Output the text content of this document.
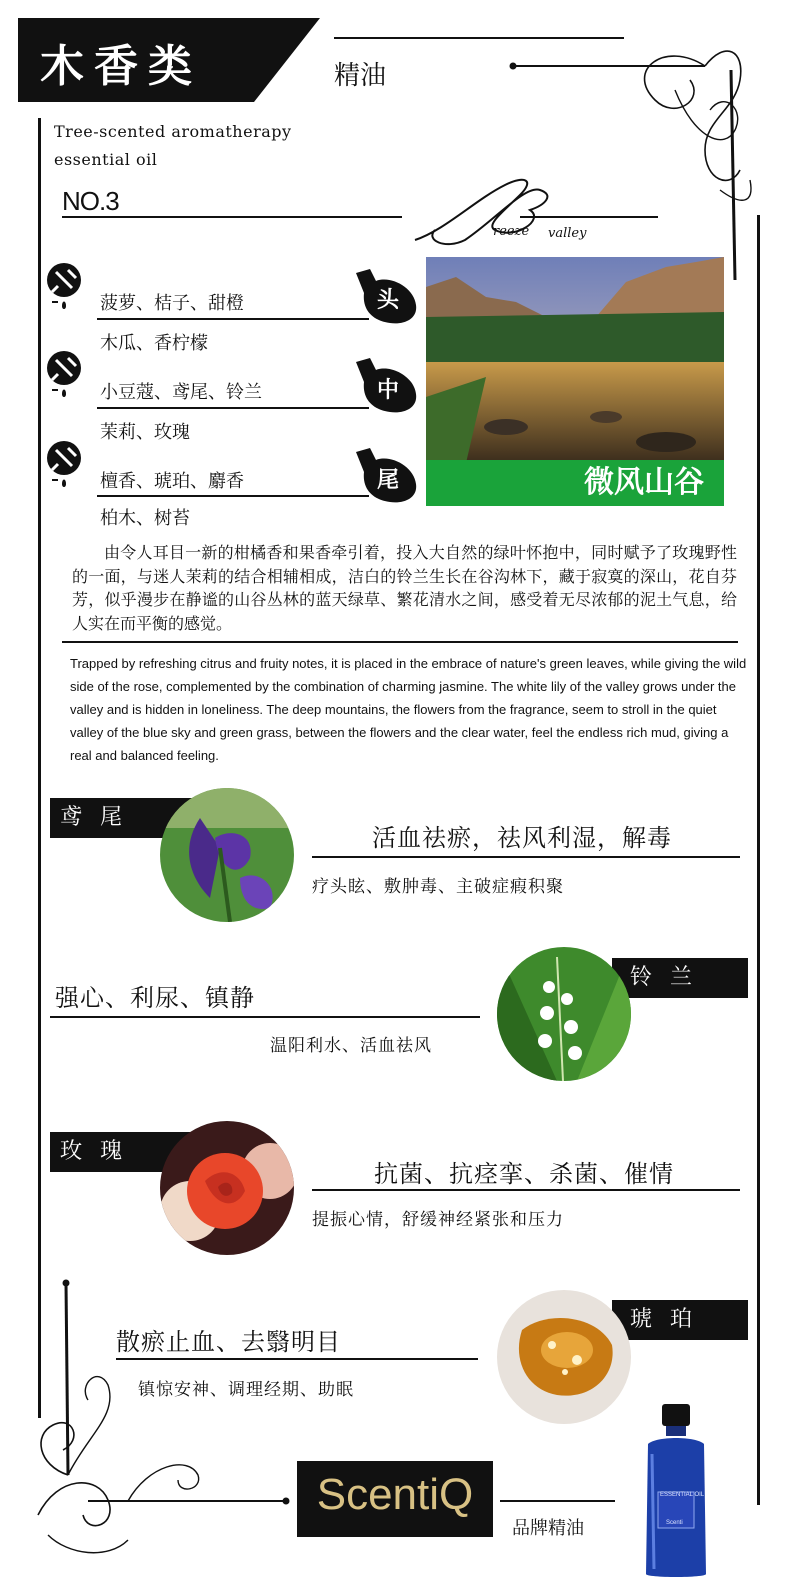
木香类	精油
Tree-scented aromatherapy
essential oil
NO.3
reeze valley
菠萝、桔子、甜橙
木瓜、香柠檬
头
小豆蔻、鸢尾、铃兰
茉莉、玫瑰
中
檀香、琥珀、麝香
柏木、树苔
尾	微风山谷
由令人耳目一新的柑橘香和果香牵引着，投入大自然的绿叶怀抱中，同时赋予了玫瑰野性的一面，与迷人茉莉的结合相辅相成，洁白的铃兰生长在谷沟林下，藏于寂寞的深山，花自芬芳，似乎漫步在静谧的山谷丛林的蓝天绿草、繁花清水之间，感受着无尽浓郁的泥土气息，给人实在而平衡的感觉。
Trapped by refreshing citrus and fruity notes, it is placed in the embrace of nature's green leaves, while giving the wild side of the rose, complemented by the combination of charming jasmine. The white lily of the valley grows under the valley and is hidden in loneliness. The deep mountains, the flowers from the fragrance, seem to stroll in the quiet valley of the blue sky and green grass, between the flowers and the clear water, feel the endless rich mud, giving a real and balanced feeling.
鸢尾
活血祛瘀，祛风利湿，解毒
疗头眩、敷肿毒、主破症瘕积聚
铃兰
强心、利尿、镇静
温阳利水、活血祛风
玫瑰
抗菌、抗痉挛、杀菌、催情
提振心情，舒缓神经紧张和压力
琥珀
散瘀止血、去翳明目
镇惊安神、调理经期、助眠
ScentiQ
品牌精油
ESSENTIAL OIL
Scenti
